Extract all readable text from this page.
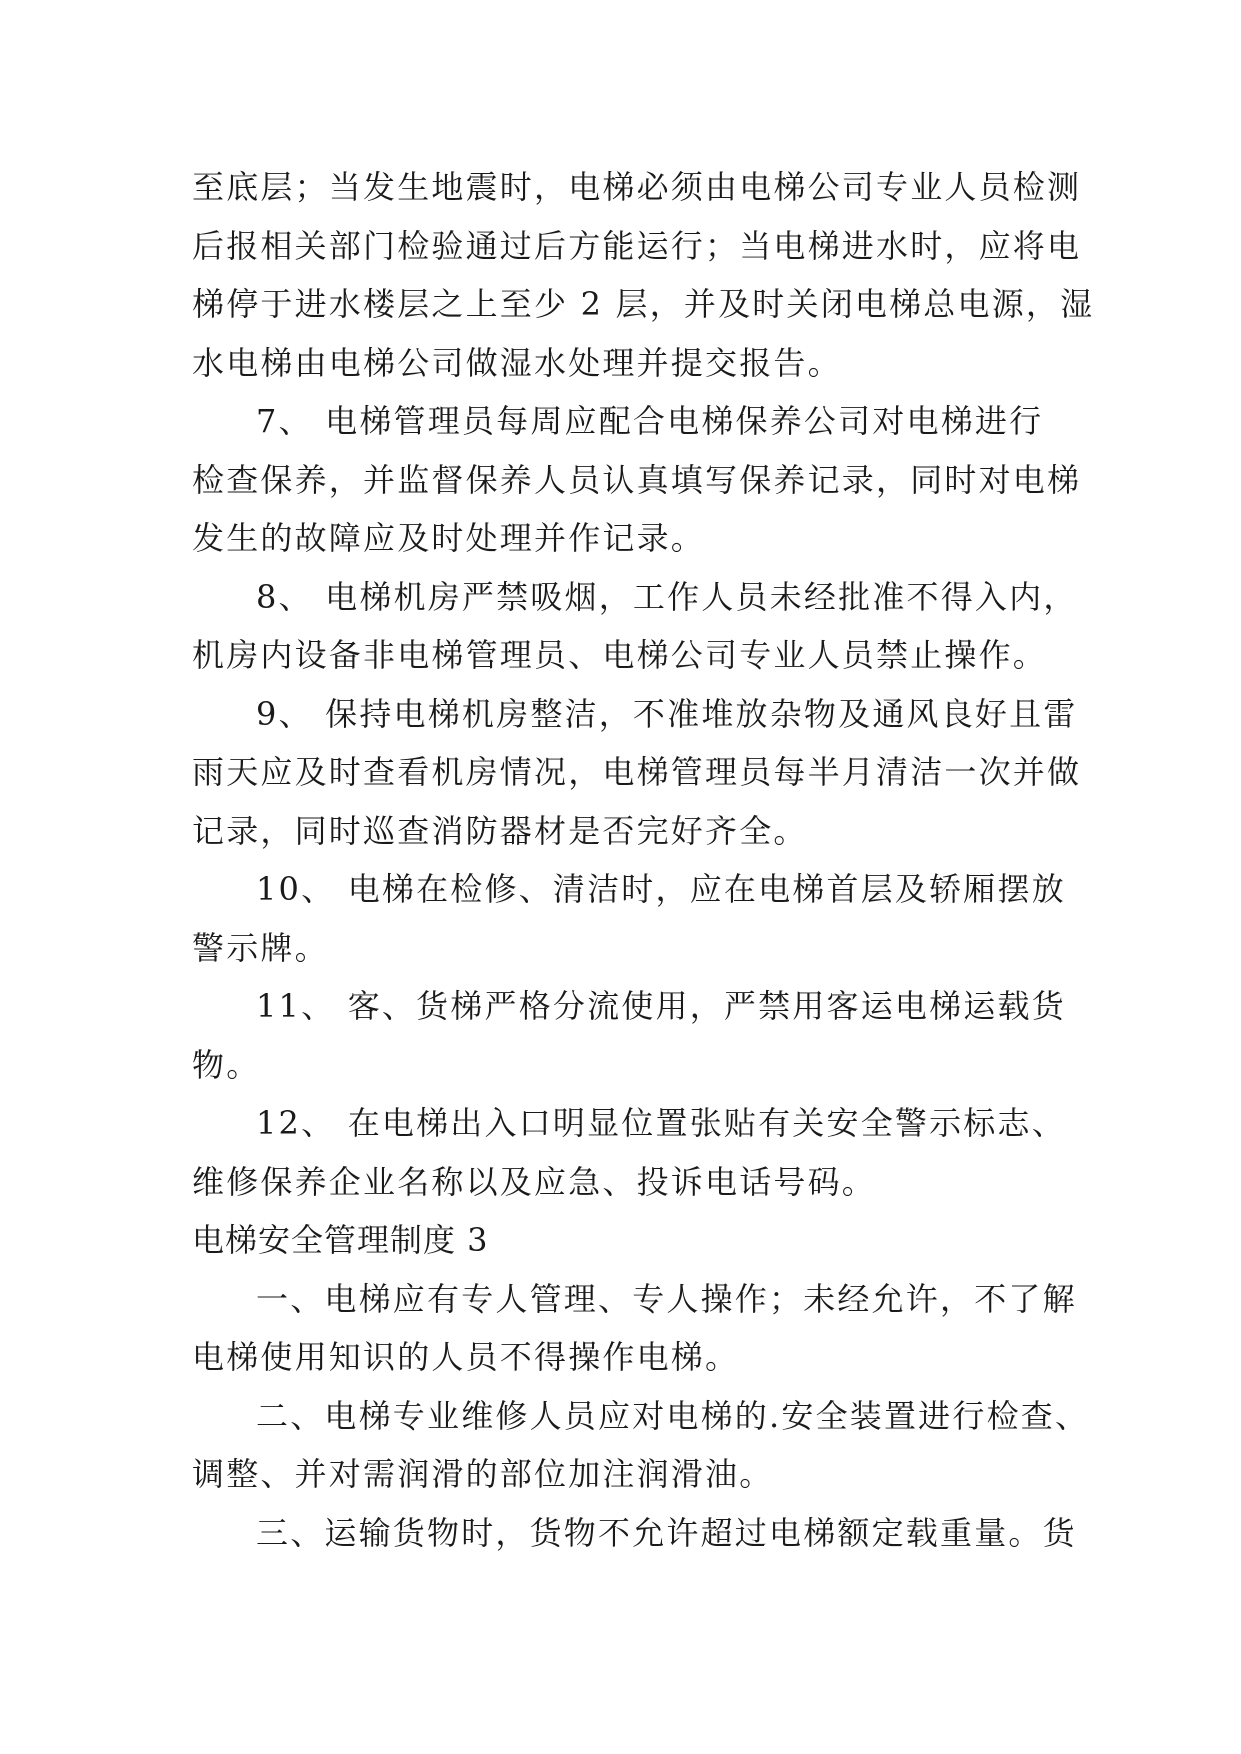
至底层；当发生地震时，电梯必须由电梯公司专业人员检测

后报相关部门检验通过后方能运行；当电梯进水时，应将电

梯停于进水楼层之上至少 2 层，并及时关闭电梯总电源，湿

水电梯由电梯公司做湿水处理并提交报告。

7、 电梯管理员每周应配合电梯保养公司对电梯进行

检查保养，并监督保养人员认真填写保养记录，同时对电梯

发生的故障应及时处理并作记录。

8、 电梯机房严禁吸烟，工作人员未经批准不得入内，

机房内设备非电梯管理员、电梯公司专业人员禁止操作。

9、 保持电梯机房整洁，不准堆放杂物及通风良好且雷

雨天应及时查看机房情况，电梯管理员每半月清洁一次并做

记录，同时巡查消防器材是否完好齐全。

10、 电梯在检修、清洁时，应在电梯首层及轿厢摆放

警示牌。

11、 客、货梯严格分流使用，严禁用客运电梯运载货

物。

12、 在电梯出入口明显位置张贴有关安全警示标志、

维修保养企业名称以及应急、投诉电话号码。

电梯安全管理制度 3

一、电梯应有专人管理、专人操作；未经允许，不了解

电梯使用知识的人员不得操作电梯。

二、电梯专业维修人员应对电梯的.安全装置进行检查、

调整、并对需润滑的部位加注润滑油。

三、运输货物时，货物不允许超过电梯额定载重量。货
